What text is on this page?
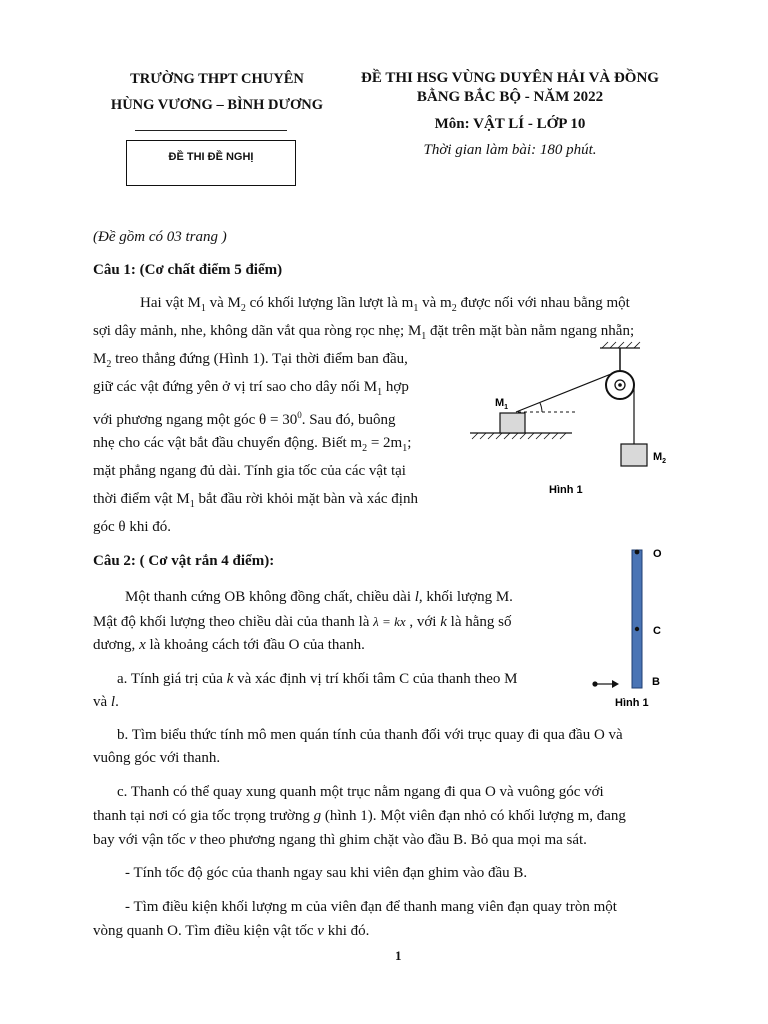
TRƯỜNG THPT CHUYÊN
HÙNG VƯƠNG – BÌNH DƯƠNG
ĐỀ THI ĐỀ NGHỊ
ĐỀ THI HSG VÙNG DUYÊN HẢI VÀ ĐỒNG
BẰNG BẮC BỘ - NĂM 2022
Môn: VẬT LÍ - LỚP 10
Thời gian làm bài: 180 phút.
(Đề gồm có 03 trang )
Câu 1: (Cơ chất điểm 5 điểm)
Hai vật $M_1$ và $M_2$ có khối lượng lần lượt là $m_1$ và $m_2$ được nối với nhau bằng một
sợi dây mảnh, nhe, không dãn vắt qua ròng rọc nhẹ; $M_1$ đặt trên mặt bàn nằm ngang nhẵn;
$M_2$ treo thẳng đứng (Hình 1). Tại thời điểm ban đầu,
giữ các vật đứng yên ở vị trí sao cho dây nối $M_1$ hợp
với phương ngang một góc $\theta = 30^0$. Sau đó, buông
nhẹ cho các vật bắt đầu chuyển động. Biết $m_2 = 2m_1$;
mặt phẳng ngang đủ dài. Tính gia tốc của các vật tại
thời điểm vật $M_1$ bắt đầu rời khỏi mặt bàn và xác định
góc θ khi đó.
$M_1$
$M_2$
Hình 1
Câu 2: ( Cơ vật rắn 4 điểm):
Một thanh cứng OB không đồng chất, chiều dài l, khối lượng M.
Mật độ khối lượng theo chiều dài của thanh là λ = kx , với k là hằng số
dương, x là khoảng cách tới đầu O của thanh.
a. Tính giá trị của k và xác định vị trí khối tâm C của thanh theo M
và l.
b. Tìm biểu thức tính mô men quán tính của thanh đối với trục quay đi qua đầu O và
vuông góc với thanh.
c. Thanh có thể quay xung quanh một trục nằm ngang đi qua O và vuông góc với
thanh tại nơi có gia tốc trọng trường g (hình 1). Một viên đạn nhỏ có khối lượng m, đang
bay với vận tốc v theo phương ngang thì ghim chặt vào đầu B. Bỏ qua mọi ma sát.
- Tính tốc độ góc của thanh ngay sau khi viên đạn ghim vào đầu B.
- Tìm điều kiện khối lượng m của viên đạn để thanh mang viên đạn quay tròn một
vòng quanh O. Tìm điều kiện vật tốc v khi đó.
O
C
B
Hình 1
1
